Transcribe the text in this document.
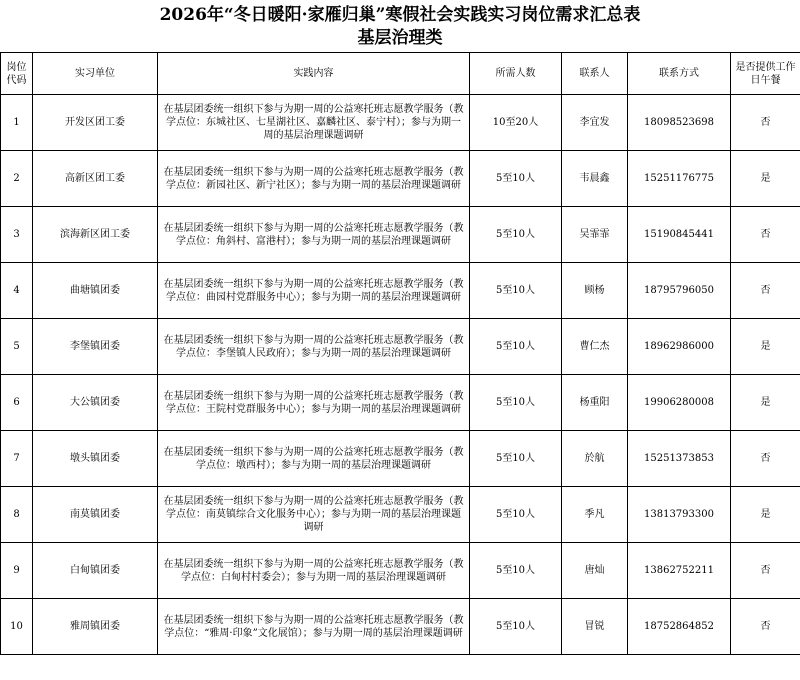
2026年“冬日暖阳·家雁归巢”寒假社会实践实习岗位需求汇总表
基层治理类
岗位代码	实习单位	实践内容	所需人数	联系人	联系方式	是否提供工作日午餐
1	开发区团工委	在基层团委统一组织下参与为期一周的公益寒托班志愿教学服务（教学点位：东城社区、七星湖社区、嘉麟社区、泰宁村）；参与为期一周的基层治理课题调研	10至20人	李宜发	18098523698	否
2	高新区团工委	在基层团委统一组织下参与为期一周的公益寒托班志愿教学服务（教学点位：新园社区、新宁社区）；参与为期一周的基层治理课题调研	5至10人	韦晨鑫	15251176775	是
3	滨海新区团工委	在基层团委统一组织下参与为期一周的公益寒托班志愿教学服务（教学点位：角斜村、富港村）；参与为期一周的基层治理课题调研	5至10人	吴霏霏	15190845441	否
4	曲塘镇团委	在基层团委统一组织下参与为期一周的公益寒托班志愿教学服务（教学点位：曲园村党群服务中心）；参与为期一周的基层治理课题调研	5至10人	顾杨	18795796050	否
5	李堡镇团委	在基层团委统一组织下参与为期一周的公益寒托班志愿教学服务（教学点位：李堡镇人民政府）；参与为期一周的基层治理课题调研	5至10人	曹仁杰	18962986000	是
6	大公镇团委	在基层团委统一组织下参与为期一周的公益寒托班志愿教学服务（教学点位：王院村党群服务中心）；参与为期一周的基层治理课题调研	5至10人	杨重阳	19906280008	是
7	墩头镇团委	在基层团委统一组织下参与为期一周的公益寒托班志愿教学服务（教学点位：墩西村）；参与为期一周的基层治理课题调研	5至10人	於航	15251373853	否
8	南莫镇团委	在基层团委统一组织下参与为期一周的公益寒托班志愿教学服务（教学点位：南莫镇综合文化服务中心）；参与为期一周的基层治理课题调研	5至10人	季凡	13813793300	是
9	白甸镇团委	在基层团委统一组织下参与为期一周的公益寒托班志愿教学服务（教学点位：白甸村村委会）；参与为期一周的基层治理课题调研	5至10人	唐灿	13862752211	否
10	雅周镇团委	在基层团委统一组织下参与为期一周的公益寒托班志愿教学服务（教学点位：“雅周·印象”文化展馆）；参与为期一周的基层治理课题调研	5至10人	冒锐	18752864852	否
